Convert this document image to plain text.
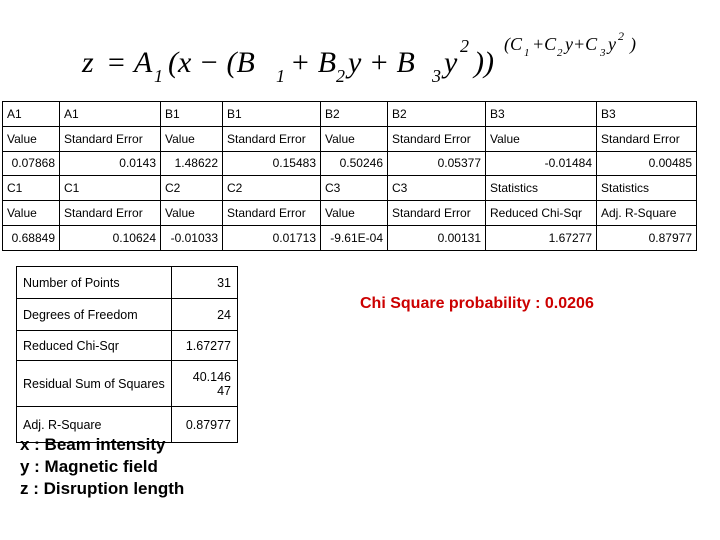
z = A 1 (x − (B 1 + B 2 y + B 3 y 2 ))
(C 1 +C 2 y+C 3 y 2 )
A1	A1	B1	B1	B2	B2	B3	B3
Value	Standard Error	Value	Standard Error	Value	Standard Error	Value	Standard Error
0.07868	0.0143	1.48622	0.15483	0.50246	0.05377	-0.01484	0.00485
C1	C1	C2	C2	C3	C3	Statistics	Statistics
Value	Standard Error	Value	Standard Error	Value	Standard Error	Reduced Chi-Sqr	Adj. R-Square
0.68849	0.10624	-0.01033	0.01713	-9.61E-04	0.00131	1.67277	0.87977
Number of Points	31
Degrees of Freedom	24
Reduced Chi-Sqr	1.67277
Residual Sum of Squares	40.146 47
Adj. R-Square	0.87977
Chi Square probability : 0.0206
x : Beam intensity
y : Magnetic field
z : Disruption length
